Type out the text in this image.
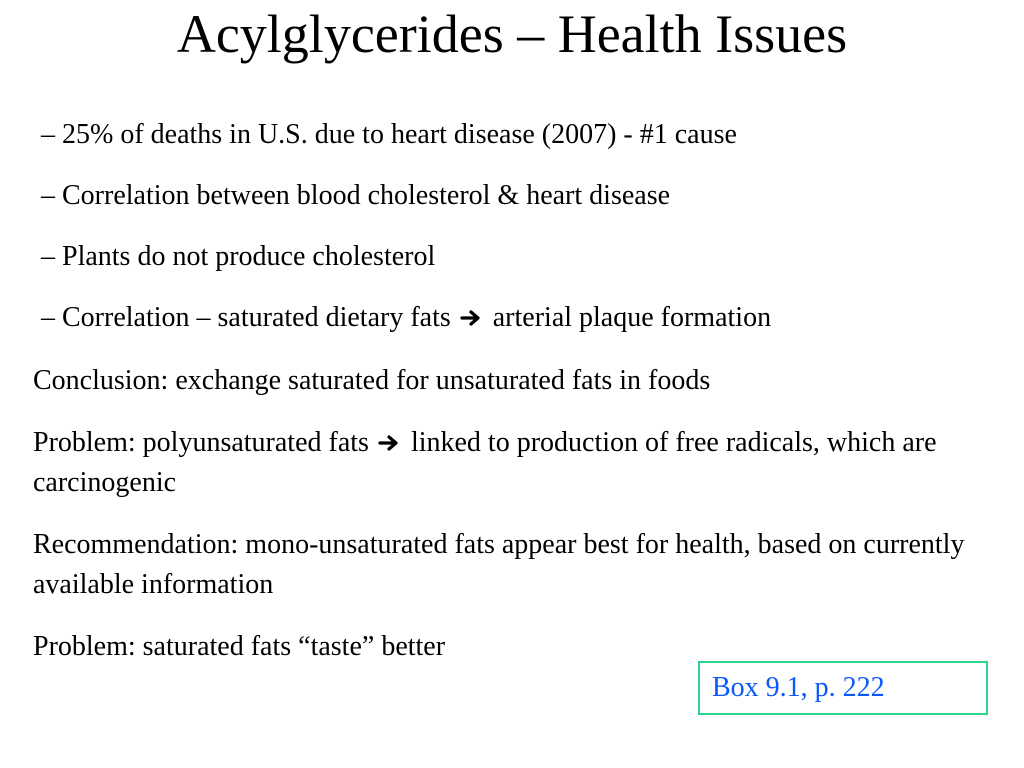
Acylglycerides – Health Issues
– 25% of deaths in U.S. due to heart disease (2007) - #1 cause
– Correlation between blood cholesterol & heart disease
– Plants do not produce cholesterol
– Correlation – saturated dietary fats  arterial plaque formation
Conclusion: exchange saturated for unsaturated fats in foods
Problem: polyunsaturated fats  linked to production of free radicals, which are carcinogenic
Recommendation: mono-unsaturated fats appear best for health, based on currently available information
Problem: saturated fats “taste” better
Box 9.1, p. 222
